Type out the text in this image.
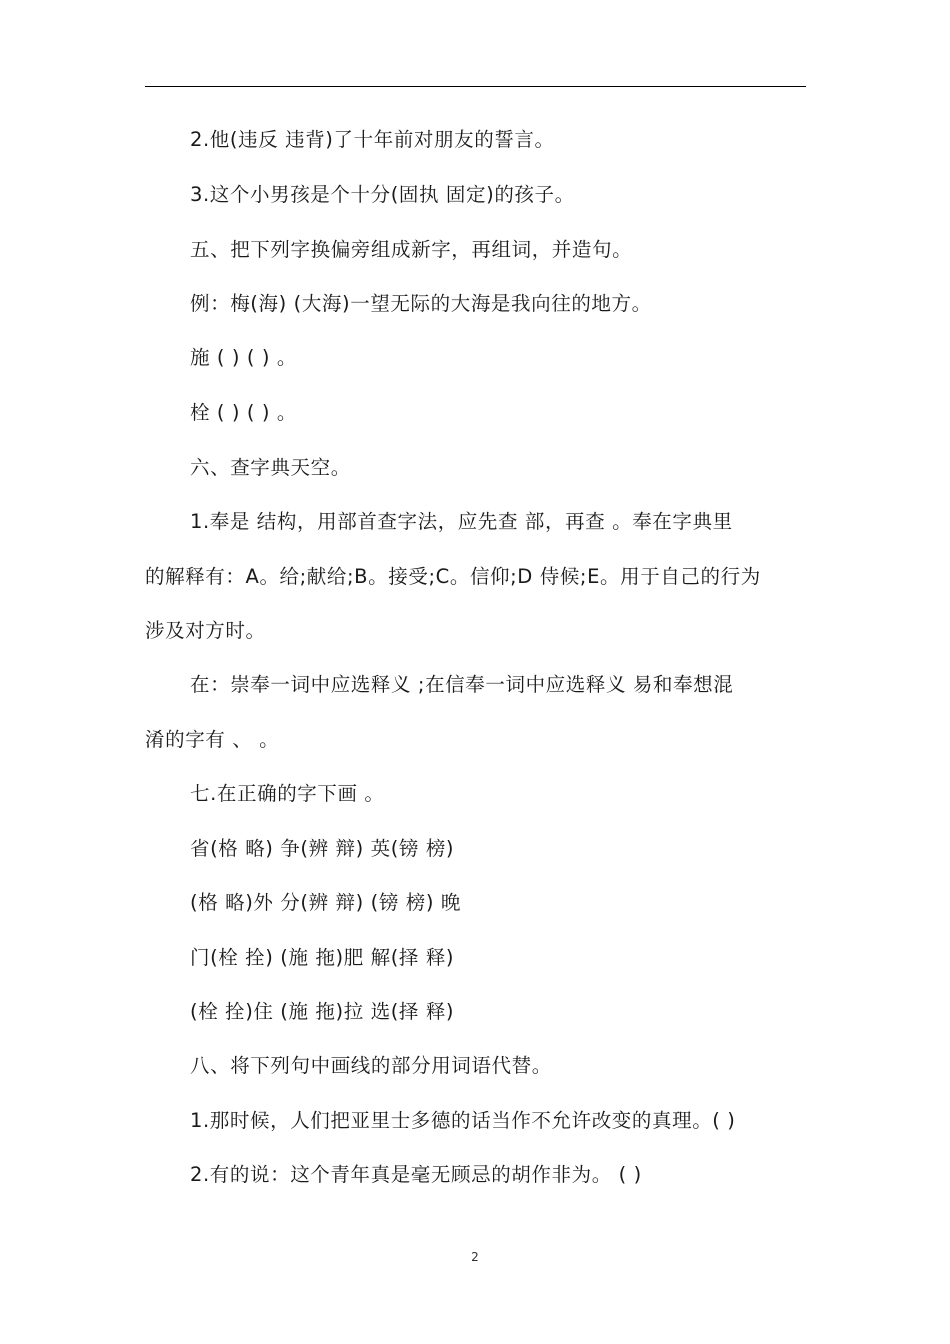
2.他(违反 违背)了十年前对朋友的誓言。
3.这个小男孩是个十分(固执 固定)的孩子。
五、把下列字换偏旁组成新字，再组词，并造句。
例：梅(海) (大海)一望无际的大海是我向往的地方。
施 ( ) ( ) 。
栓 ( ) ( ) 。
六、查字典天空。
1.奉是 结构，用部首查字法，应先查 部，再查 。奉在字典里
的解释有：A。给;献给;B。接受;C。信仰;D 侍候;E。用于自己的行为
涉及对方时。
在：崇奉一词中应选释义 ;在信奉一词中应选释义 易和奉想混
淆的字有 、 。
七.在正确的字下画 。
省(格 略) 争(辨 辩) 英(镑 榜)
(格 略)外 分(辨 辩) (镑 榜) 晚
门(栓 拴) (施 拖)肥 解(择 释)
(栓 拴)住 (施 拖)拉 选(择 释)
八、将下列句中画线的部分用词语代替。
1.那时候，人们把亚里士多德的话当作不允许改变的真理。( )
2.有的说：这个青年真是毫无顾忌的胡作非为。 ( )
2
